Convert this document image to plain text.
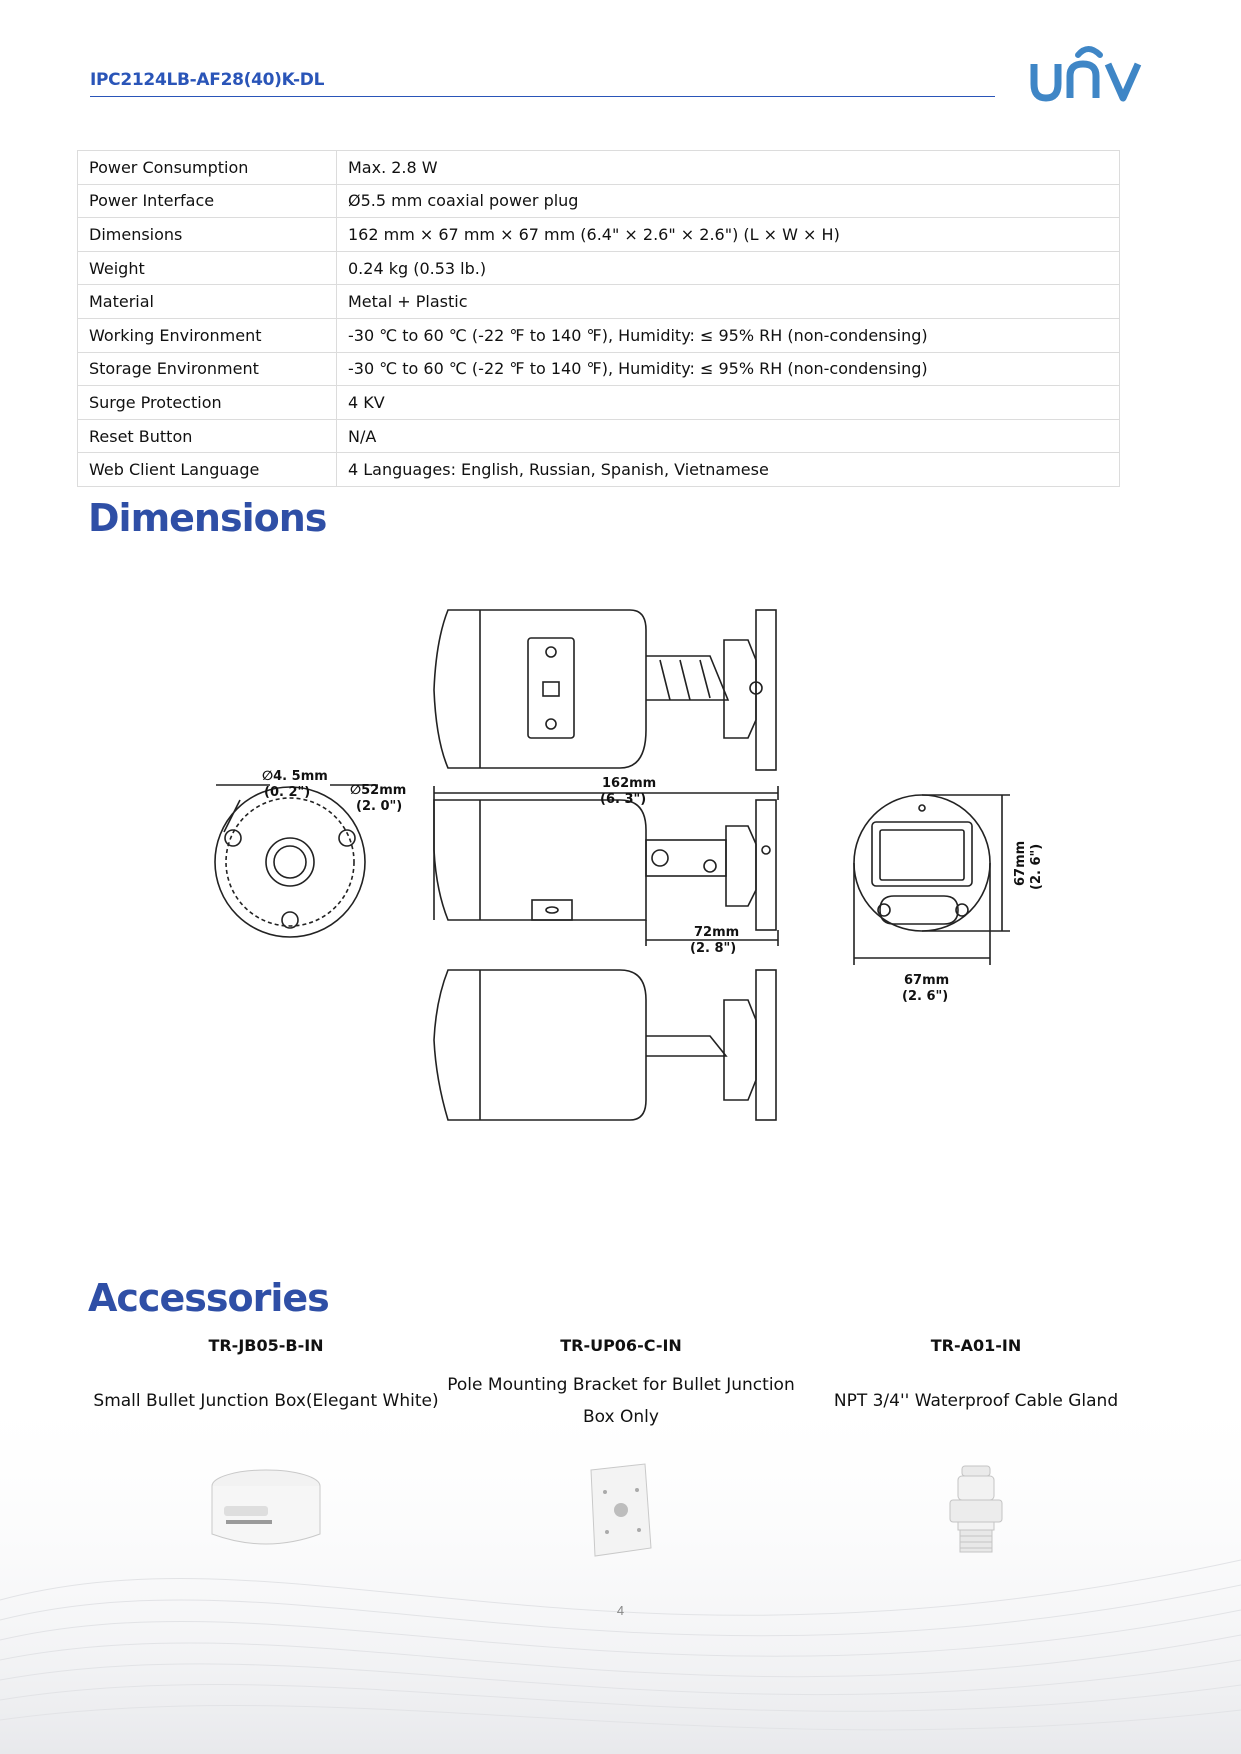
IPC2124LB-AF28(40)K-DL
Power Consumption	Max. 2.8 W
Power Interface	Ø5.5 mm coaxial power plug
Dimensions	162 mm × 67 mm × 67 mm (6.4" × 2.6" × 2.6") (L × W × H)
Weight	0.24 kg (0.53 lb.)
Material	Metal + Plastic
Working Environment	-30 ℃ to 60 ℃ (-22 ℉ to 140 ℉), Humidity: ≤ 95% RH (non-condensing)
Storage Environment	-30 ℃ to 60 ℃ (-22 ℉ to 140 ℉), Humidity: ≤ 95% RH (non-condensing)
Surge Protection	4 KV
Reset Button	N/A
Web Client Language	4 Languages: English, Russian, Spanish, Vietnamese
Dimensions
∅4. 5mm
(0. 2")	∅52mm
(2. 0")
162mm
(6. 3")
72mm
(2. 8")
67mm
(2. 6")
67mm (2. 6")
Accessories
TR-JB05-B-IN
Small Bullet Junction Box(Elegant White)
TR-UP06-C-IN
Pole Mounting Bracket for Bullet Junction Box Only
TR-A01-IN
NPT 3/4'' Waterproof Cable Gland
4
